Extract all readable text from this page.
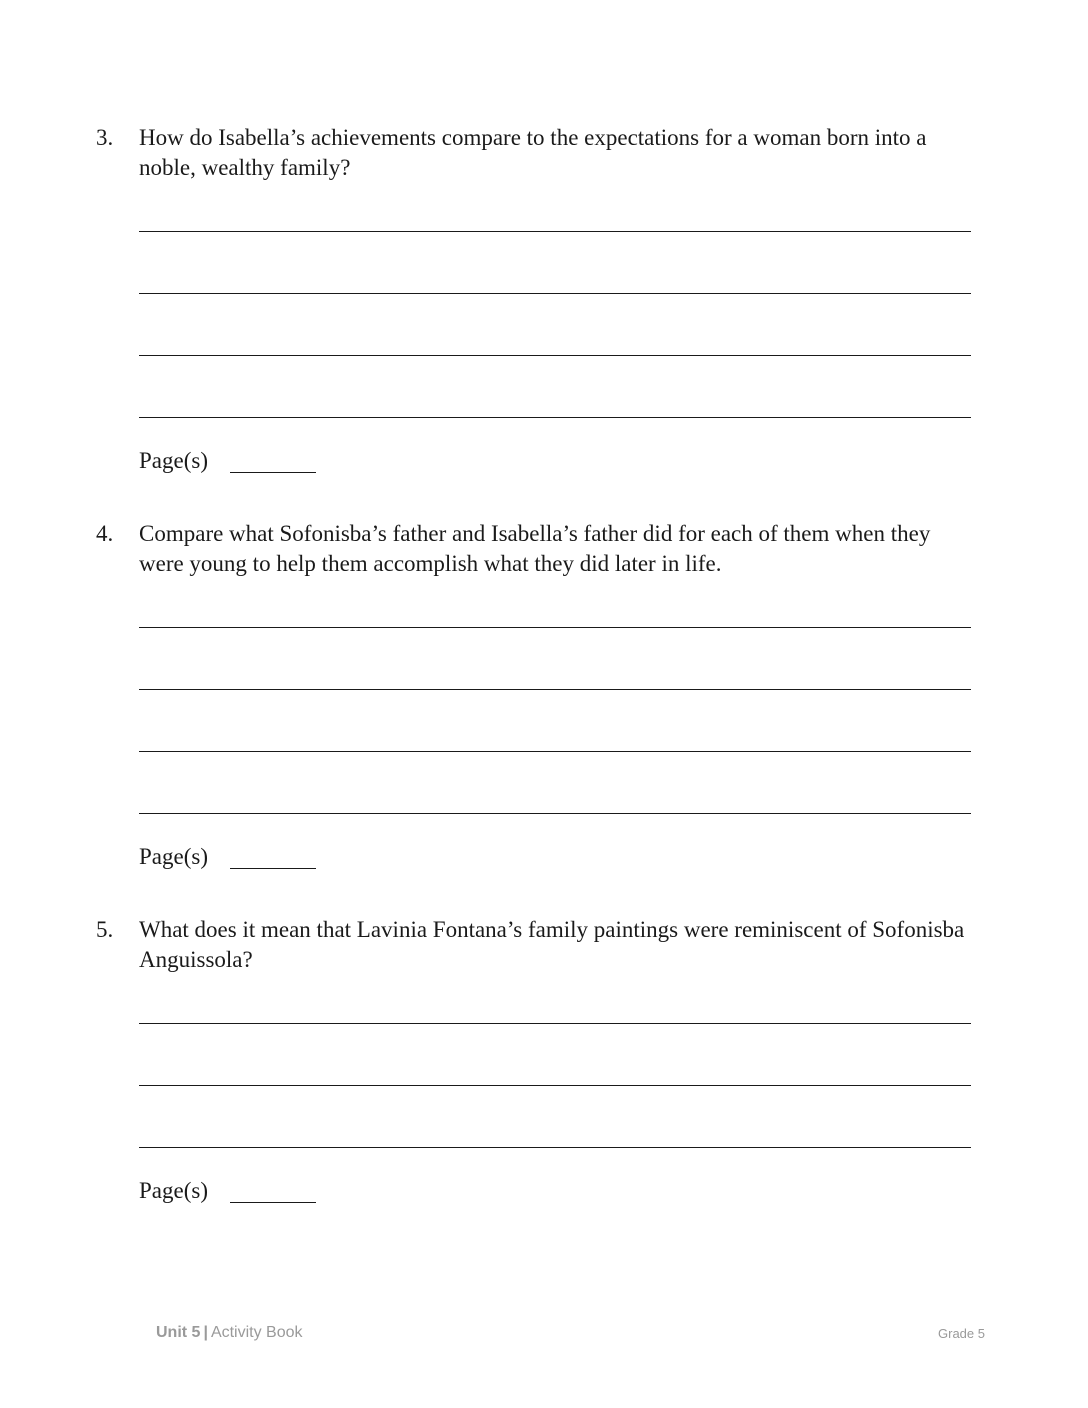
3. How do Isabella’s achievements compare to the expectations for a woman born into a noble, wealthy family?
Page(s)
4. Compare what Sofonisba’s father and Isabella’s father did for each of them when they were young to help them accomplish what they did later in life.
Page(s)
5. What does it mean that Lavinia Fontana’s family paintings were reminiscent of Sofonisba Anguissola?
Page(s)
Unit 5 | Activity Book	Grade 5
